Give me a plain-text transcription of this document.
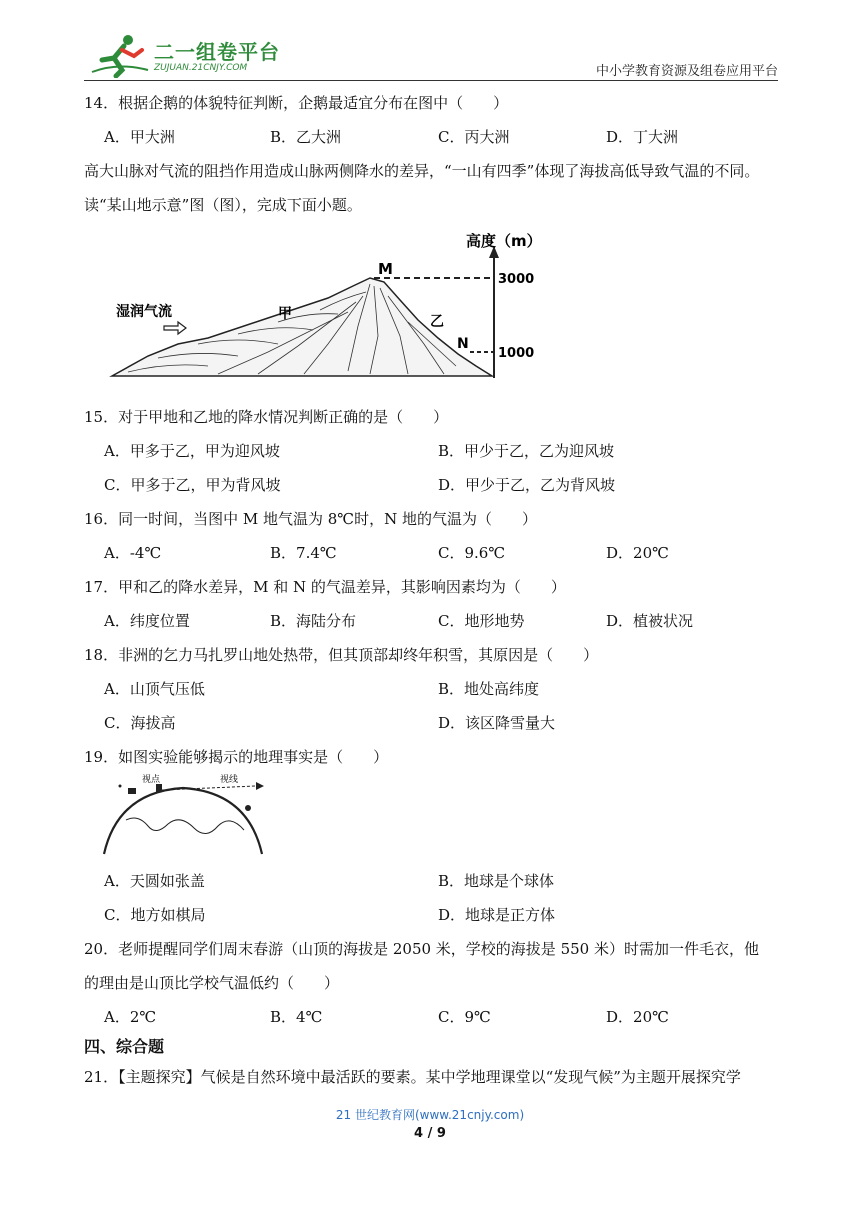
二一组卷平台
ZUJUAN.21CNJY.COM	中小学教育资源及组卷应用平台
14．根据企鹅的体貌特征判断，企鹅最适宜分布在图中（　　）
A．甲大洲	B．乙大洲	C．丙大洲	D．丁大洲
高大山脉对气流的阻挡作用造成山脉两侧降水的差异，“一山有四季”体现了海拔高低导致气温的不同。
读“某山地示意”图（图），完成下面小题。
高度（m）
3000
1000
M
N
甲	乙
湿润气流
15．对于甲地和乙地的降水情况判断正确的是（　　）
A．甲多于乙，甲为迎风坡	B．甲少于乙，乙为迎风坡
C．甲多于乙，甲为背风坡	D．甲少于乙，乙为背风坡
16．同一时间，当图中 M 地气温为 8℃时，N 地的气温为（　　）
A．-4℃	B．7.4℃	C．9.6℃	D．20℃
17．甲和乙的降水差异，M 和 N 的气温差异，其影响因素均为（　　）
A．纬度位置	B．海陆分布	C．地形地势	D．植被状况
18．非洲的乞力马扎罗山地处热带，但其顶部却终年积雪，其原因是（　　）
A．山顶气压低	B．地处高纬度
C．海拔高	D．该区降雪量大
19．如图实验能够揭示的地理事实是（　　）
视点	视线
A．天圆如张盖	B．地球是个球体
C．地方如棋局	D．地球是正方体
20．老师提醒同学们周末春游（山顶的海拔是 2050 米，学校的海拔是 550 米）时需加一件毛衣，他
的理由是山顶比学校气温低约（　　）
A．2℃	B．4℃	C．9℃	D．20℃
四、综合题
21．【主题探究】气候是自然环境中最活跃的要素。某中学地理课堂以“发现气候”为主题开展探究学
21 世纪教育网(www.21cnjy.com)
4 / 9
